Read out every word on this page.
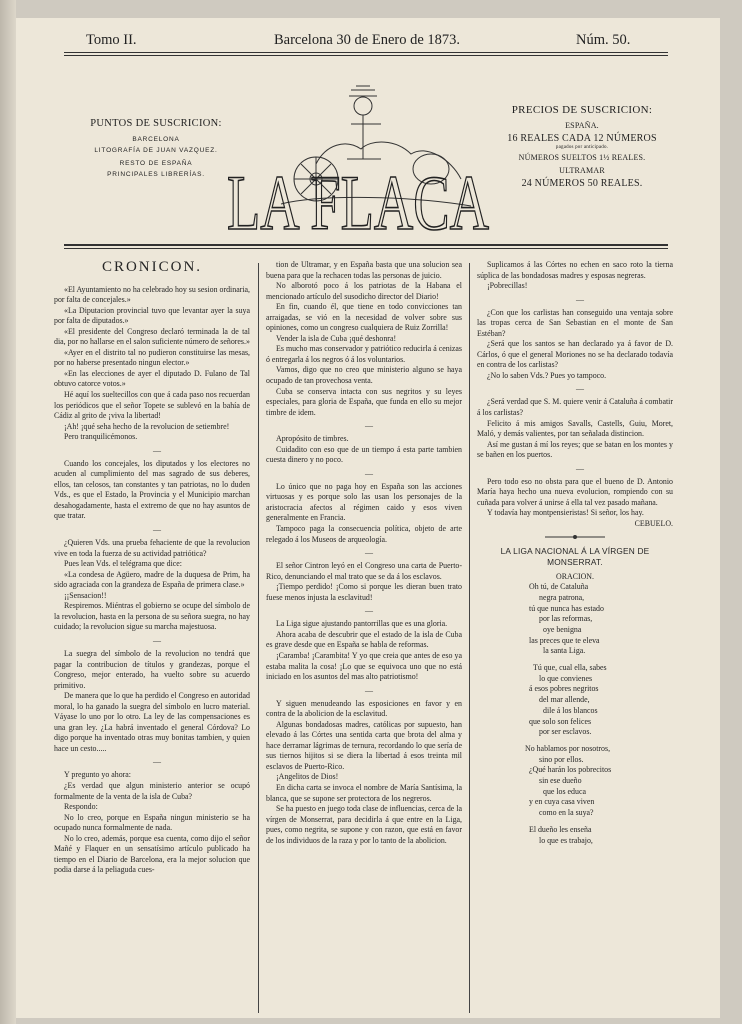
Tomo II.	Barcelona 30 de Enero de 1873.	Núm. 50.
PUNTOS DE SUSCRICION:
BARCELONA
LITOGRAFÍA DE JUAN VAZQUEZ.
RESTO DE ESPAÑA
PRINCIPALES LIBRERÍAS. LA FLACA
PRECIOS DE SUSCRICION:
ESPAÑA.
16 REALES CADA 12 NÚMEROS
pagados por anticipado.
NÚMEROS SUELTOS 1½ REALES.
ULTRAMAR
24 NÚMEROS 50 REALES.
CRONICON.

«El Ayuntamiento no ha celebrado hoy su sesion ordinaria, por falta de concejales.»

«La Diputacion provincial tuvo que levantar ayer la suya por falta de diputados.»

«El presidente del Congreso declaró terminada la de tal dia, por no hallarse en el salon suficiente número de señores.»

«Ayer en el distrito tal no pudieron constituirse las mesas, por no haberse presentado ningun elector.»

«En las elecciones de ayer el diputado D. Fulano de Tal obtuvo catorce votos.»

Hé aquí los sueltecillos con que á cada paso nos recuerdan los periódicos que el señor Topete se sublevó en la bahía de Cádiz al grito de ¡viva la libertad!

¡Ah! ¡qué seha hecho de la revolucion de setiembre!

Pero tranquilicémonos.

—

Cuando los concejales, los diputados y los electores no acuden al cumplimiento del mas sagrado de sus deberes, ellos, tan celosos, tan constantes y tan patriotas, no lo duden Vds., es que el Estado, la Provincia y el Municipio marchan desahogadamente, hasta el extremo de que no hay asuntos de que tratar.

—

¿Quieren Vds. una prueba fehaciente de que la revolucion vive en toda la fuerza de su actividad patriótica?

Pues lean Vds. el telégrama que dice:

«La condesa de Agüero, madre de la duquesa de Prim, ha sido agraciada con la grandeza de España de primera clase.»

¡¡Sensacion!!

Respiremos. Miéntras el gobierno se ocupe del símbolo de la revolucion, hasta en la persona de su señora suegra, no hay cuidado; la revolucion sigue su marcha majestuosa.

—

La suegra del símbolo de la revolucion no tendrá que pagar la contribucion de títulos y grandezas, porque el Congreso, mejor enterado, ha vuelto sobre su acuerdo primitivo.

De manera que lo que ha perdido el Congreso en autoridad moral, lo ha ganado la suegra del símbolo en lucro material. Váyase lo uno por lo otro. La ley de las compensaciones es una gran ley. ¿La habrá inventado el general Córdova? Lo digo porque ha inventado otras muy bonitas tambien, y quien hace un cesto.....

—

Y pregunto yo ahora:

¿Es verdad que algun ministerio anterior se ocupó formalmente de la venta de la isla de Cuba?

Respondo:

No lo creo, porque en España ningun ministerio se ha ocupado nunca formalmente de nada.

No lo creo, además, porque esa cuenta, como dijo el señor Mañé y Flaquer en un sensatísimo artículo publicado ha tiempo en el Diario de Barcelona, era la mejor solucion que podia darse á la peliaguda cues-

tion de Ultramar, y en España basta que una solucion sea buena para que la rechacen todas las personas de juicio.

No alborotó poco á los patriotas de la Habana el mencionado artículo del susodicho director del Diario!

En fin, cuando él, que tiene en todo convicciones tan arraigadas, se vió en la necesidad de volver sobre sus opiniones, como un congreso cualquiera de Ruiz Zorrilla!

Vender la isla de Cuba ¡qué deshonra!

Es mucho mas conservador y patriótico reducirla á cenizas ó entregarla á los negros ó á los voluntarios.

Vamos, digo que no creo que ministerio alguno se haya ocupado de tan provechosa venta.

Cuba se conserva intacta con sus negritos y su leyes especiales, para gloria de España, que funda en ello su mejor timbre de idem.

—

Apropósito de timbres.

Cuidadito con eso que de un tiempo á esta parte tambien cuesta dinero y no poco.

—

Lo único que no paga hoy en España son las acciones virtuosas y es porque solo las usan los personajes de la aristocracia afectos al régimen caido y esos viven generalmente en Francia.

Tampoco paga la consecuencia política, objeto de arte relegado á los Museos de arqueología.

—

El señor Cintron leyó en el Congreso una carta de Puerto-Rico, denunciando el mal trato que se da á los esclavos.

¡Tiempo perdido! ¡Como si porque les dieran buen trato fuese menos injusta la esclavitud!

—

La Liga sigue ajustando pantorrillas que es una gloria.

Ahora acaba de descubrir que el estado de la isla de Cuba es grave desde que en España se habla de reformas.

¡Caramba! ¡Carambita! Y yo que creia que antes de eso ya estaba malita la cosa! ¡Lo que se equivoca uno que no está iniciado en los asuntos del mas alto patriotismo!

—

Y siguen menudeando las esposiciones en favor y en contra de la abolicion de la esclavitud.

Algunas bondadosas madres, católicas por supuesto, han elevado á las Córtes una sentida carta que brota del alma y hace derramar lágrimas de ternura, recordando lo que sería de sus tiernos hijitos si se diera la libertad á esos treinta mil esclavos de Puerto-Rico.

¡Angelitos de Dios!

En dicha carta se invoca el nombre de María Santísima, la blanca, que se supone ser protectora de los negreros.

Se ha puesto en juego toda clase de influencias, cerca de la vírgen de Monserrat, para decidirla á que entre en la Liga, pues, como negrita, se supone y con razon, que está en favor de los individuos de la raza y por lo tanto de la abolicion.

Suplicamos á las Córtes no echen en saco roto la tierna súplica de las bondadosas madres y esposas negreras.

¡Pobrecillas!

—

¿Con que los carlistas han conseguido una ventaja sobre las tropas cerca de San Sebastian en el monte de San Estéban?

¿Será que los santos se han declarado ya á favor de D. Cárlos, ó que el general Moriones no se ha declarado todavía en contra de los carlistas?

¿No lo saben Vds.? Pues yo tampoco.

—

¿Será verdad que S. M. quiere venir á Cataluña á combatir á los carlistas?

Felicito á mis amigos Savalls, Castells, Guiu, Moret, Maló, y demás valientes, por tan señalada distincion.

Así me gustan á mí los reyes; que se batan en los montes y se bañen en los puertos.

—

Pero todo eso no obsta para que el bueno de D. Antonio María haya hecho una nueva evolucion, rompiendo con su cuñada para volver á unirse á ella tal vez pasado mañana.

Y todavía hay montpensieristas! Si señor, los hay.

CEBUELO.

LA LIGA NACIONAL Á LA VÍRGEN DE MONSERRAT.

ORACION.

Oh tú, de Cataluña

negra patrona,

tú que nunca has estado

por las reformas,

oye benigna

las preces que te eleva

la santa Liga.

Tú que, cual ella, sabes

lo que convienes

á esos pobres negritos

del mar allende,

dile á los blancos

que solo son felices

por ser esclavos.

No hablamos por nosotros,

sino por ellos.

¿Qué harán los pobrecitos

sin ese dueño

que los educa

y en cuya casa viven

como en la suya?

El dueño les enseña

lo que es trabajo,
